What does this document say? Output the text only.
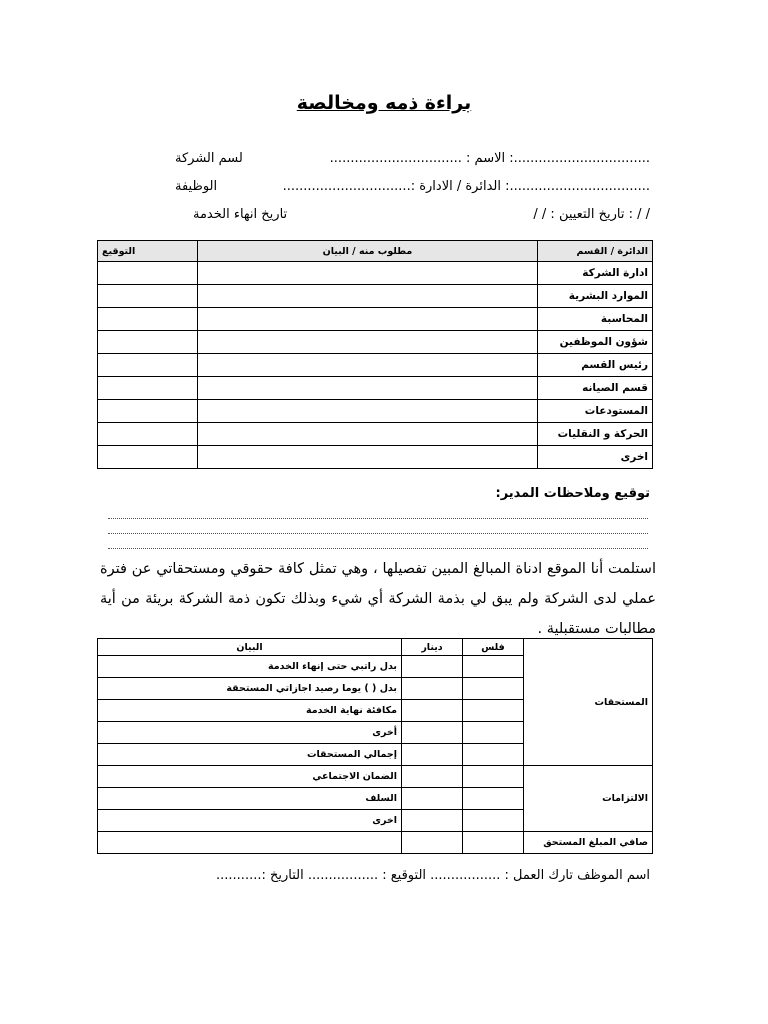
براءة ذمه ومخالصة
.................................: الاسم : ................................
لسم الشركة
..................................: الدائرة / الادارة :...............................
الوظيفة
/ / : تاريخ التعيين : / /
تاريخ انهاء الخدمة
الدائرة / القسم	مطلوب منه / البيان	التوقيع
ادارة الشركة		
الموارد البشرية		
المحاسبة		
شؤون الموظفين		
رئيس القسم		
قسم الصيانه		
المستودعات		
الحركة و النقليات		
اخرى		
توقيع وملاحظات المدير:
استلمت أنا الموقع ادناة المبالغ المبين تفصيلها ، وهي تمثل كافة حقوقي ومستحقاتي عن فترة عملي لدى الشركة ولم يبق لي بذمة الشركة أي شيء وبذلك تكون ذمة الشركة بريئة من أية مطالبات مستقبلية .
المستحقات	فلس	دينار	البيان
			بدل راتبي حتى إنهاء الخدمة
			بدل ( ) يوما رصيد اجازاتي المستحقة
			مكافئة نهاية الخدمة
			أخرى
			إجمالي المستحقات
الالتزامات			الضمان الاجتماعي
			السلف
			اخرى
صافي المبلغ المستحق			
اسم الموظف تارك العمل : ................. التوقيع : ................. التاريخ :...........
